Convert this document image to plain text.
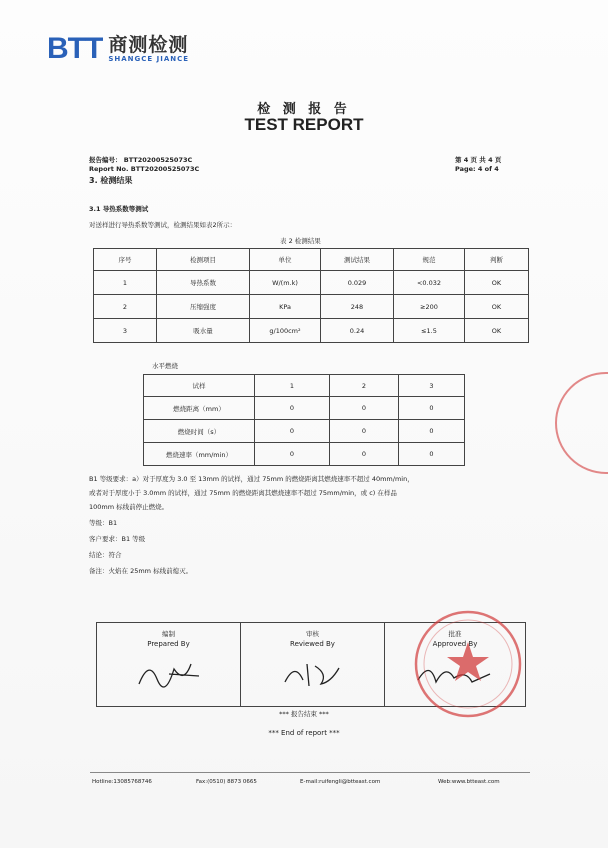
BTT 商测检测
SHANGCE JIANCE
检 测 报 告
TEST REPORT
报告编号： BTT20200525073C
Report No. BTT20200525073C
第 4 页 共 4 页
Page: 4 of 4
3. 检测结果
3.1 导热系数等测试
对送样进行导热系数等测试，检测结果如表2所示：
表 2 检测结果
序号	检测项目	单位	测试结果	规范	判断
1	导热系数	W/(m.k)	0.029	<0.032	OK
2	压缩强度	KPa	248	≥200	OK
3	吸水量	g/100cm²	0.24	≤1.5	OK
水平燃烧
试样	1	2	3
燃烧距离（mm）	0	0	0
燃烧时间（s）	0	0	0
燃烧速率（mm/min）	0	0	0
B1 等级要求：a）对于厚度为 3.0 至 13mm 的试样，通过 75mm 的燃烧距离其燃烧速率不超过 40mm/min，
或者对于厚度小于 3.0mm 的试样，通过 75mm 的燃烧距离其燃烧速率不超过 75mm/min，或 c) 在样品
100mm 标线前停止燃烧。
等级：B1
客户要求：B1 等级
结论：符合
备注：火焰在 25mm 标线前熄灭。
编制
Prepared By

审核
Reviewed By

批准
Approved By
*** 报告结束 ***
*** End of report ***
Hotline:13085768746	Fax:(0510) 8873 0665	E-mail:ruifengli@btteast.com	Web:www.btteast.com
